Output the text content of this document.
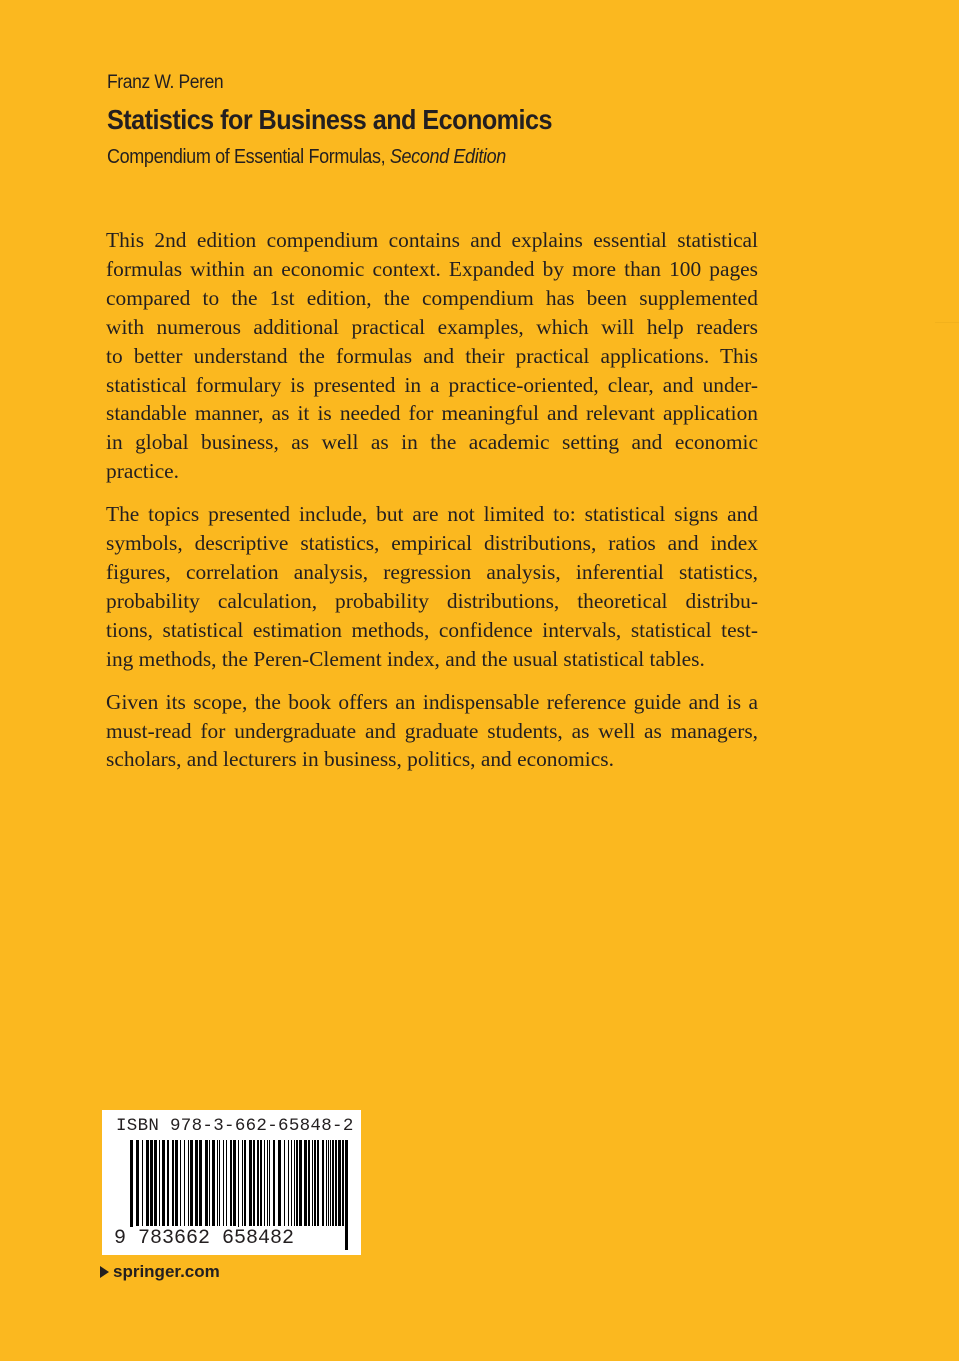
Franz W. Peren
Statistics for Business and Economics
Compendium of Essential Formulas, Second Edition

This 2nd edition compendium contains and explains essential statistical
formulas within an economic context. Expanded by more than 100 pages
compared to the 1st edition, the compendium has been supplemented
with numerous additional practical examples, which will help readers
to better understand the formulas and their practical applications. This
statistical formulary is presented in a practice-oriented, clear, and under-
standable manner, as it is needed for meaningful and relevant application
in global business, as well as in the academic setting and economic
practice.

The topics presented include, but are not limited to: statistical signs and
symbols, descriptive statistics, empirical distributions, ratios and index
figures, correlation analysis, regression analysis, inferential statistics,
probability calculation, probability distributions, theoretical distribu-
tions, statistical estimation methods, confidence intervals, statistical test-
ing methods, the Peren-Clement index, and the usual statistical tables.

Given its scope, the book offers an indispensable reference guide and is a
must-read for undergraduate and graduate students, as well as managers,
scholars, and lecturers in business, politics, and economics.

ISBN 978-3-662-65848-2
9 783662 658482
springer.com
